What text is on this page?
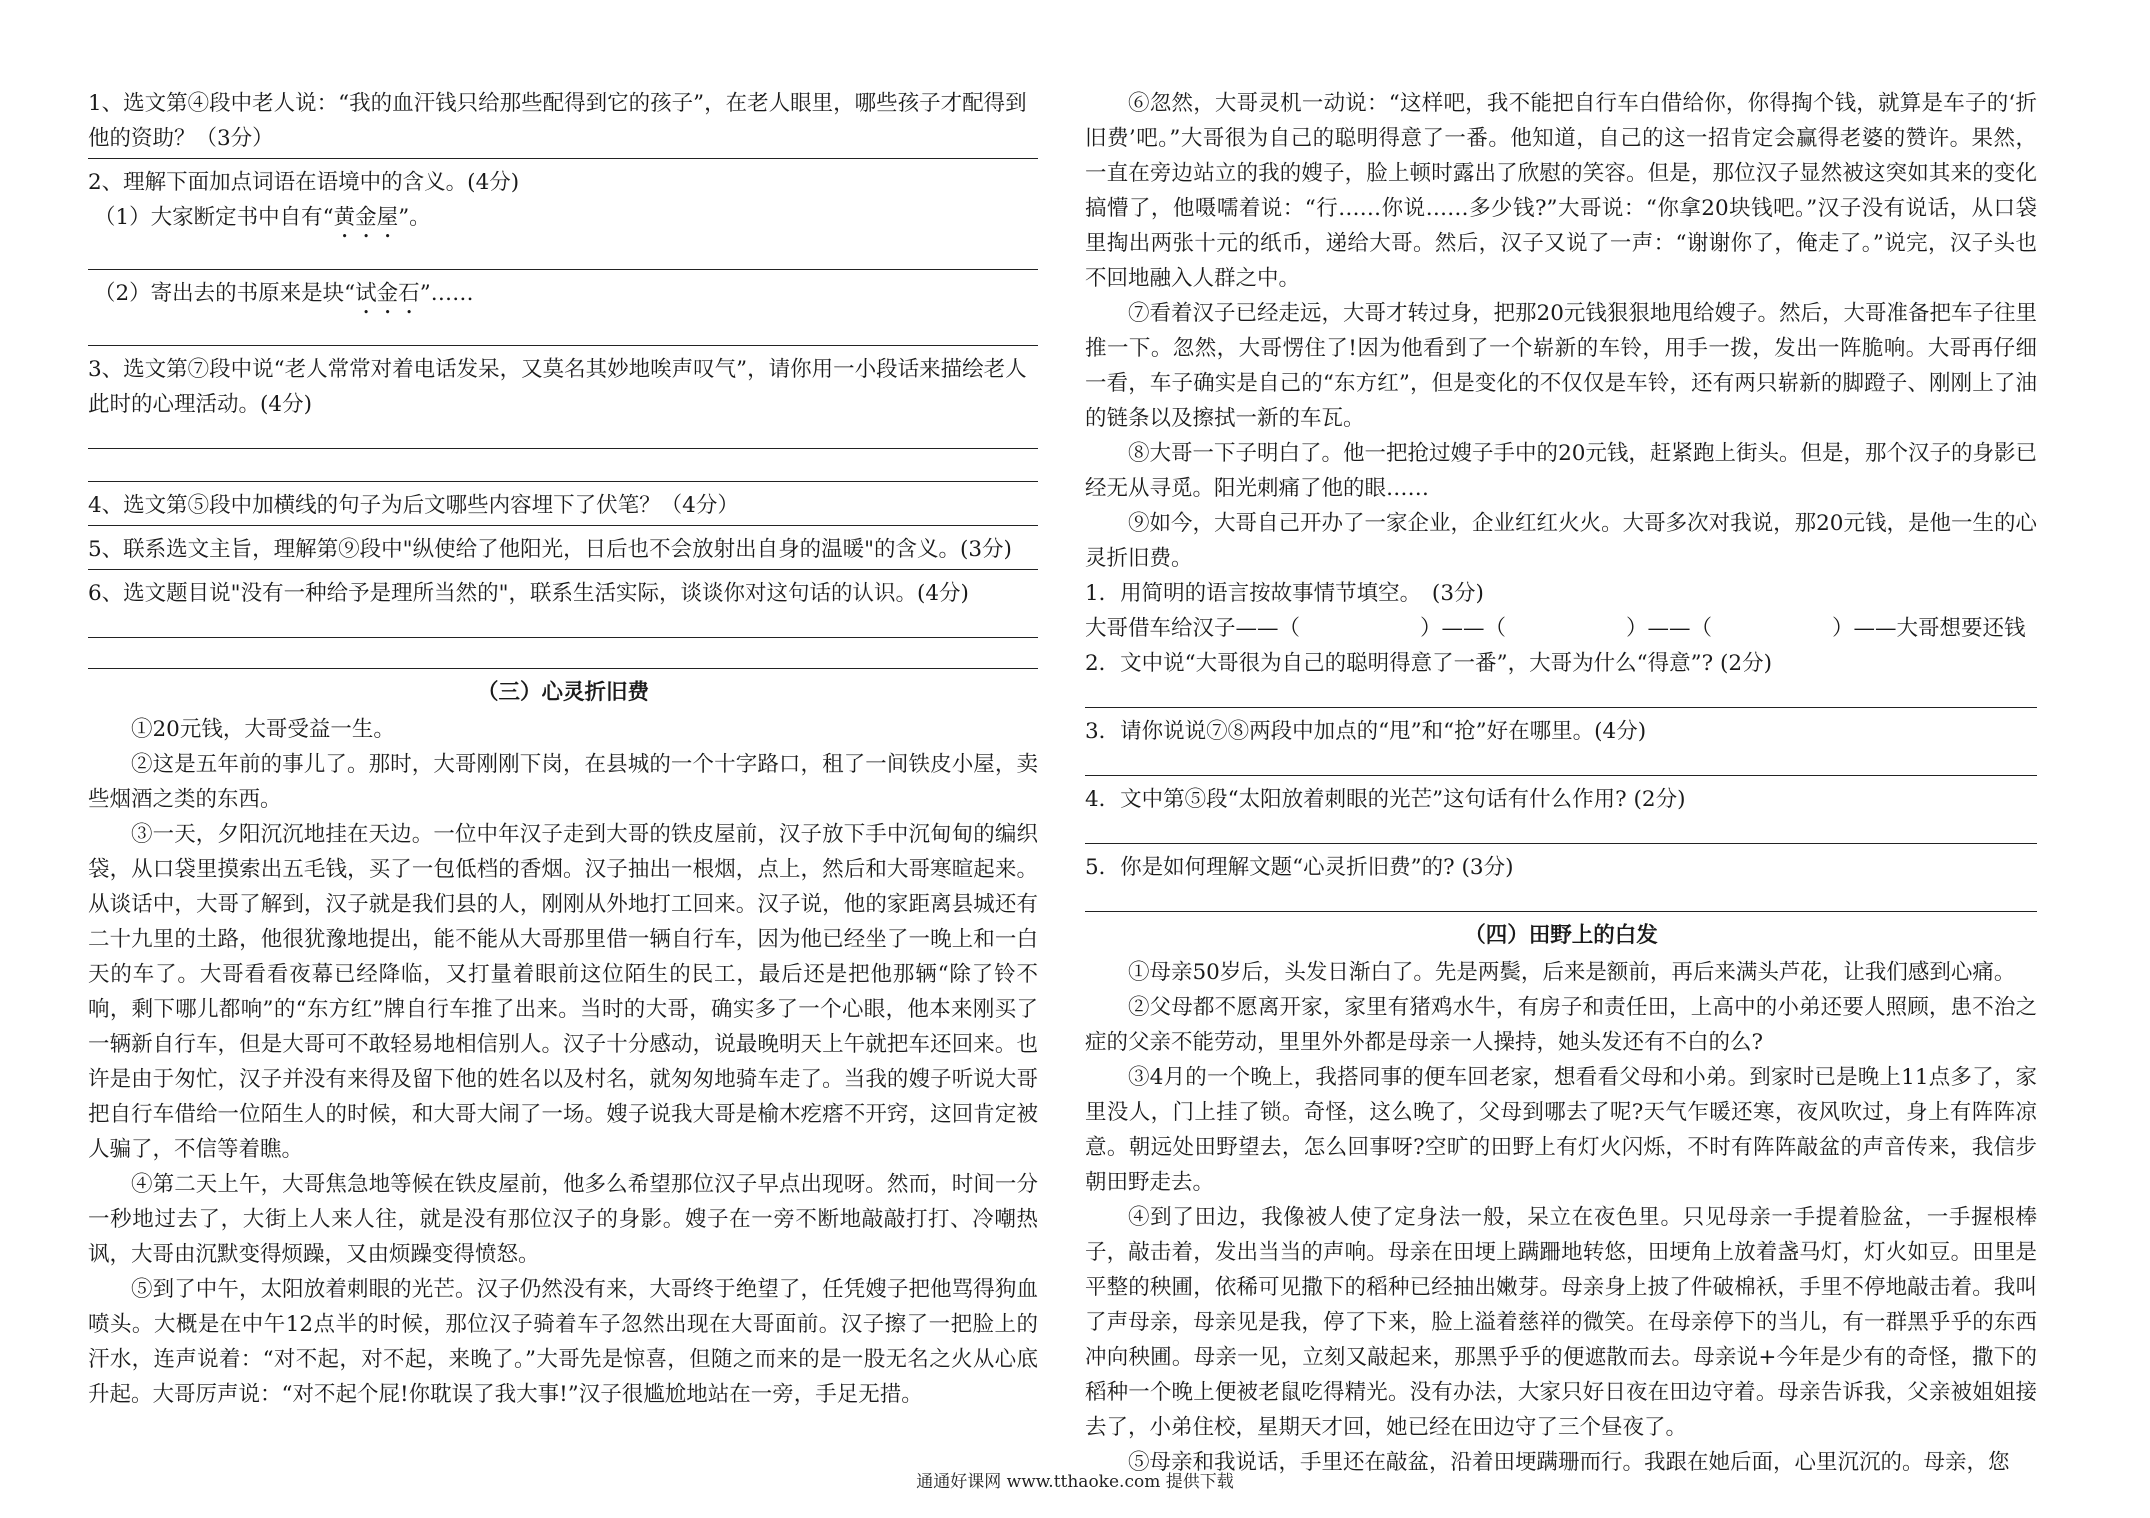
1、选文第④段中老人说：“我的血汗钱只给那些配得到它的孩子”，在老人眼里，哪些孩子才配得到他的资助？（3分）

2、理解下面加点词语在语境中的含义。(4分)

（1）大家断定书中自有“黄金屋”。

（2）寄出去的书原来是块“试金石”……

3、选文第⑦段中说“老人常常对着电话发呆，又莫名其妙地唉声叹气”，请你用一小段话来描绘老人此时的心理活动。(4分)

4、选文第⑤段中加横线的句子为后文哪些内容埋下了伏笔？（4分）

5、联系选文主旨，理解第⑨段中"纵使给了他阳光，日后也不会放射出自身的温暖"的含义。(3分)

6、选文题目说"没有一种给予是理所当然的"，联系生活实际，谈谈你对这句话的认识。(4分)

（三）心灵折旧费

①20元钱，大哥受益一生。

②这是五年前的事儿了。那时，大哥刚刚下岗，在县城的一个十字路口，租了一间铁皮小屋，卖些烟酒之类的东西。

③一天，夕阳沉沉地挂在天边。一位中年汉子走到大哥的铁皮屋前，汉子放下手中沉甸甸的编织袋，从口袋里摸索出五毛钱，买了一包低档的香烟。汉子抽出一根烟，点上，然后和大哥寒暄起来。从谈话中，大哥了解到，汉子就是我们县的人，刚刚从外地打工回来。汉子说，他的家距离县城还有二十九里的土路，他很犹豫地提出，能不能从大哥那里借一辆自行车，因为他已经坐了一晚上和一白天的车了。大哥看看夜幕已经降临，又打量着眼前这位陌生的民工，最后还是把他那辆“除了铃不响，剩下哪儿都响”的“东方红”牌自行车推了出来。当时的大哥，确实多了一个心眼，他本来刚买了一辆新自行车，但是大哥可不敢轻易地相信别人。汉子十分感动，说最晚明天上午就把车还回来。也许是由于匆忙，汉子并没有来得及留下他的姓名以及村名，就匆匆地骑车走了。当我的嫂子听说大哥把自行车借给一位陌生人的时候，和大哥大闹了一场。嫂子说我大哥是榆木疙瘩不开窍，这回肯定被人骗了，不信等着瞧。

④第二天上午，大哥焦急地等候在铁皮屋前，他多么希望那位汉子早点出现呀。然而，时间一分一秒地过去了，大街上人来人往，就是没有那位汉子的身影。嫂子在一旁不断地敲敲打打、冷嘲热讽，大哥由沉默变得烦躁，又由烦躁变得愤怒。

⑤到了中午，太阳放着刺眼的光芒。汉子仍然没有来，大哥终于绝望了，任凭嫂子把他骂得狗血喷头。大概是在中午12点半的时候，那位汉子骑着车子忽然出现在大哥面前。汉子擦了一把脸上的汗水，连声说着：“对不起，对不起，来晚了。”大哥先是惊喜，但随之而来的是一股无名之火从心底升起。大哥厉声说：“对不起个屁!你耽误了我大事!”汉子很尴尬地站在一旁，手足无措。

⑥忽然，大哥灵机一动说：“这样吧，我不能把自行车白借给你，你得掏个钱，就算是车子的‘折旧费’吧。”大哥很为自己的聪明得意了一番。他知道，自己的这一招肯定会赢得老婆的赞许。果然，一直在旁边站立的我的嫂子，脸上顿时露出了欣慰的笑容。但是，那位汉子显然被这突如其来的变化搞懵了，他嗫嚅着说：“行……你说……多少钱?”大哥说：“你拿20块钱吧。”汉子没有说话，从口袋里掏出两张十元的纸币，递给大哥。然后，汉子又说了一声：“谢谢你了，俺走了。”说完，汉子头也不回地融入人群之中。

⑦看着汉子已经走远，大哥才转过身，把那20元钱狠狠地甩给嫂子。然后，大哥准备把车子往里推一下。忽然，大哥愣住了!因为他看到了一个崭新的车铃，用手一拨，发出一阵脆响。大哥再仔细一看，车子确实是自己的“东方红”，但是变化的不仅仅是车铃，还有两只崭新的脚蹬子、刚刚上了油的链条以及擦拭一新的车瓦。

⑧大哥一下子明白了。他一把抢过嫂子手中的20元钱，赶紧跑上街头。但是，那个汉子的身影已经无从寻觅。阳光刺痛了他的眼……

⑨如今，大哥自己开办了一家企业，企业红红火火。大哥多次对我说，那20元钱，是他一生的心灵折旧费。

1．用简明的语言按故事情节填空。　(3分)

大哥借车给汉子——（	）——（	）——（	）——大哥想要还钱

2．文中说“大哥很为自己的聪明得意了一番”，大哥为什么“得意”? (2分)

3．请你说说⑦⑧两段中加点的“甩”和“抢”好在哪里。(4分)

4．文中第⑤段“太阳放着刺眼的光芒”这句话有什么作用? (2分)

5．你是如何理解文题“心灵折旧费”的? (3分)

（四）田野上的白发

①母亲50岁后，头发日渐白了。先是两鬓，后来是额前，再后来满头芦花，让我们感到心痛。

②父母都不愿离开家，家里有猪鸡水牛，有房子和责任田，上高中的小弟还要人照顾，患不治之症的父亲不能劳动，里里外外都是母亲一人操持，她头发还有不白的么?

③4月的一个晚上，我搭同事的便车回老家，想看看父母和小弟。到家时已是晚上11点多了，家里没人，门上挂了锁。奇怪，这么晚了，父母到哪去了呢?天气乍暖还寒，夜风吹过，身上有阵阵凉意。朝远处田野望去，怎么回事呀?空旷的田野上有灯火闪烁，不时有阵阵敲盆的声音传来，我信步朝田野走去。

④到了田边，我像被人使了定身法一般，呆立在夜色里。只见母亲一手提着脸盆，一手握根棒子，敲击着，发出当当的声响。母亲在田埂上蹒跚地转悠，田埂角上放着盏马灯，灯火如豆。田里是平整的秧圃，依稀可见撒下的稻种已经抽出嫩芽。母亲身上披了件破棉袄，手里不停地敲击着。我叫了声母亲，母亲见是我，停了下来，脸上溢着慈祥的微笑。在母亲停下的当儿，有一群黑乎乎的东西冲向秧圃。母亲一见，立刻又敲起来，那黑乎乎的便遮散而去。母亲说+今年是少有的奇怪，撒下的稻种一个晚上便被老鼠吃得精光。没有办法，大家只好日夜在田边守着。母亲告诉我，父亲被姐姐接去了，小弟住校，星期天才回，她已经在田边守了三个昼夜了。

⑤母亲和我说话，手里还在敲盆，沿着田埂蹒珊而行。我跟在她后面，心里沉沉的。母亲，您

通通好课网 www.tthaoke.com 提供下载
